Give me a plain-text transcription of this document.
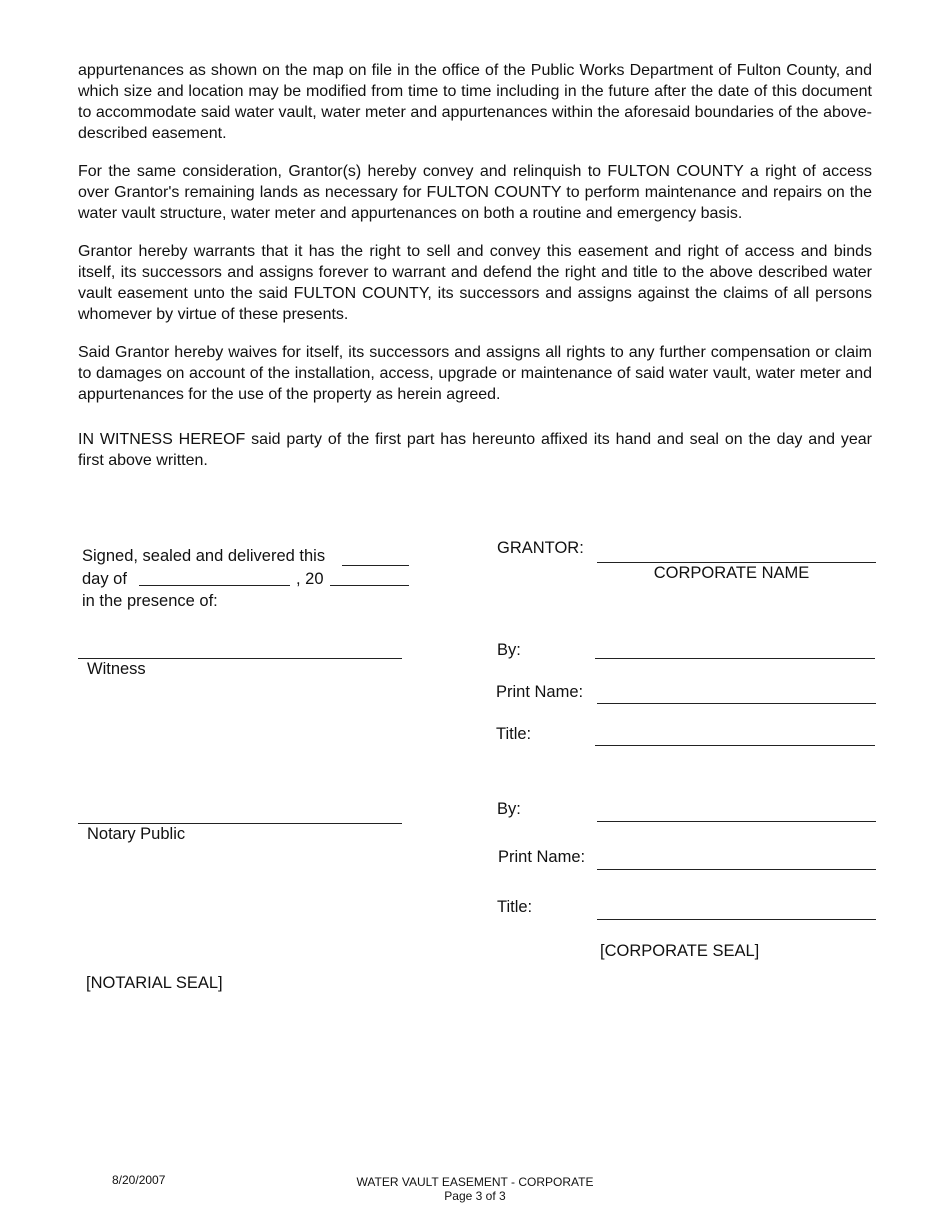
appurtenances as shown on the map on file in the office of the Public Works Department of Fulton County, and which size and location may be modified from time to time including in the future after the date of this document to accommodate said water vault, water meter and appurtenances within the aforesaid boundaries of the above-described easement.

For the same consideration, Grantor(s) hereby convey and relinquish to FULTON COUNTY a right of access over Grantor's remaining lands as necessary for FULTON COUNTY to perform maintenance and repairs on the water vault structure, water meter and appurtenances on both a routine and emergency basis.

Grantor hereby warrants that it has the right to sell and convey this easement and right of access and binds itself, its successors and assigns forever to warrant and defend the right and title to the above described water vault easement unto the said FULTON COUNTY, its successors and assigns against the claims of all persons whomever by virtue of these presents.

Said Grantor hereby waives for itself, its successors and assigns all rights to any further compensation or claim to damages on account of the installation, access, upgrade or maintenance of said water vault, water meter and appurtenances for the use of the property as herein agreed.

IN WITNESS HEREOF said party of the first part has hereunto affixed its hand and seal on the day and year first above written.

Signed, sealed and delivered this
day of	, 20
in the presence of:
Witness
Notary Public
[NOTARIAL SEAL]
GRANTOR:
CORPORATE NAME
By:
Print Name:
Title:
By:
Print Name:
Title:
[CORPORATE SEAL]
8/20/2007	WATER VAULT EASEMENT - CORPORATE
Page 3 of 3
